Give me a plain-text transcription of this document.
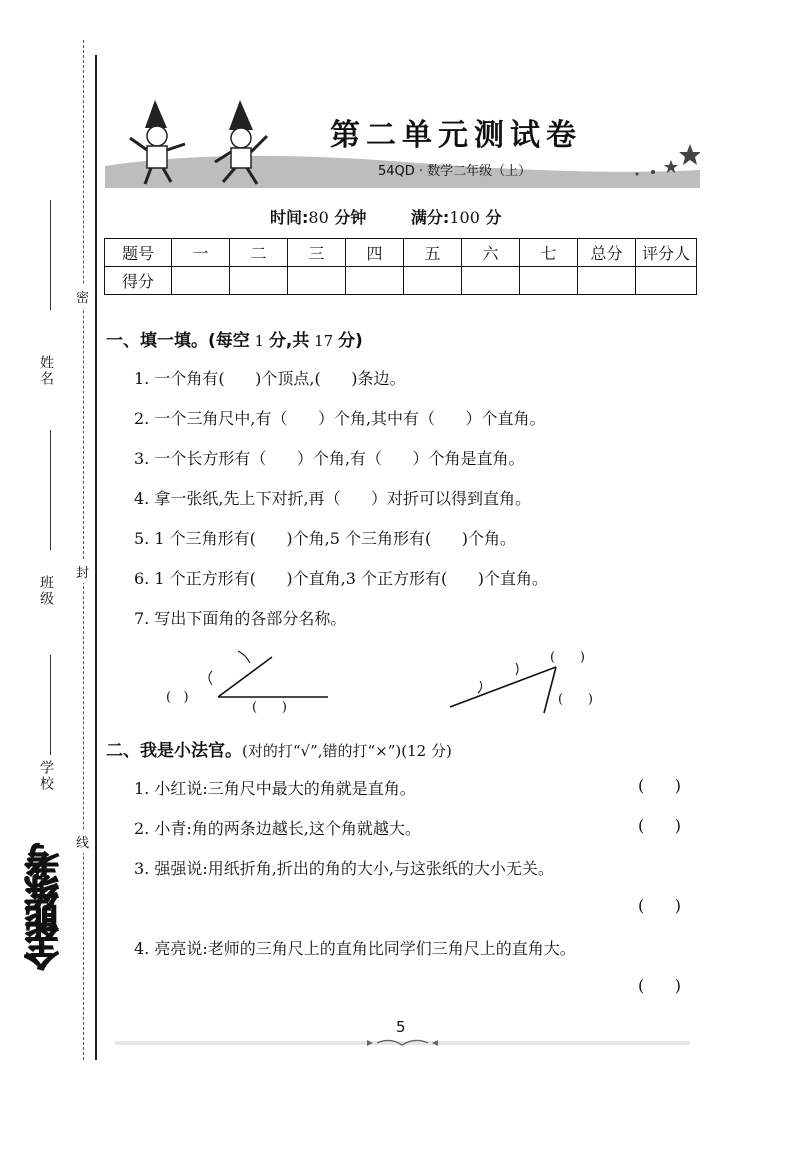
姓名
班级
学校
密
封
线
全能练考
第二单元测试卷
54QD · 数学二年级（上）
时间:80 分钟	满分:100 分
题号	一	二	三	四	五	六	七	总分	评分人
得分									
一、填一填。(每空 1 分,共 17 分)
1. 一个角有(      )个顶点,(      )条边。
2. 一个三角尺中,有（      ）个角,其中有（      ）个直角。
3. 一个长方形有（      ）个角,有（      ）个角是直角。
4. 拿一张纸,先上下对折,再（      ）对折可以得到直角。
5. 1 个三角形有(      )个角,5 个三角形有(      )个角。
6. 1 个正方形有(      )个直角,3 个正方形有(      )个直角。
7. 写出下面角的各部分名称。
(   )
(      )
(      )
(      )
二、我是小法官。(对的打“√”,错的打“×”)(12 分)
1. 小红说:三角尺中最大的角就是直角。	(      )
2. 小青:角的两条边越长,这个角就越大。	(      )
3. 强强说:用纸折角,折出的角的大小,与这张纸的大小无关。
(      )
4. 亮亮说:老师的三角尺上的直角比同学们三角尺上的直角大。
(      )
5
